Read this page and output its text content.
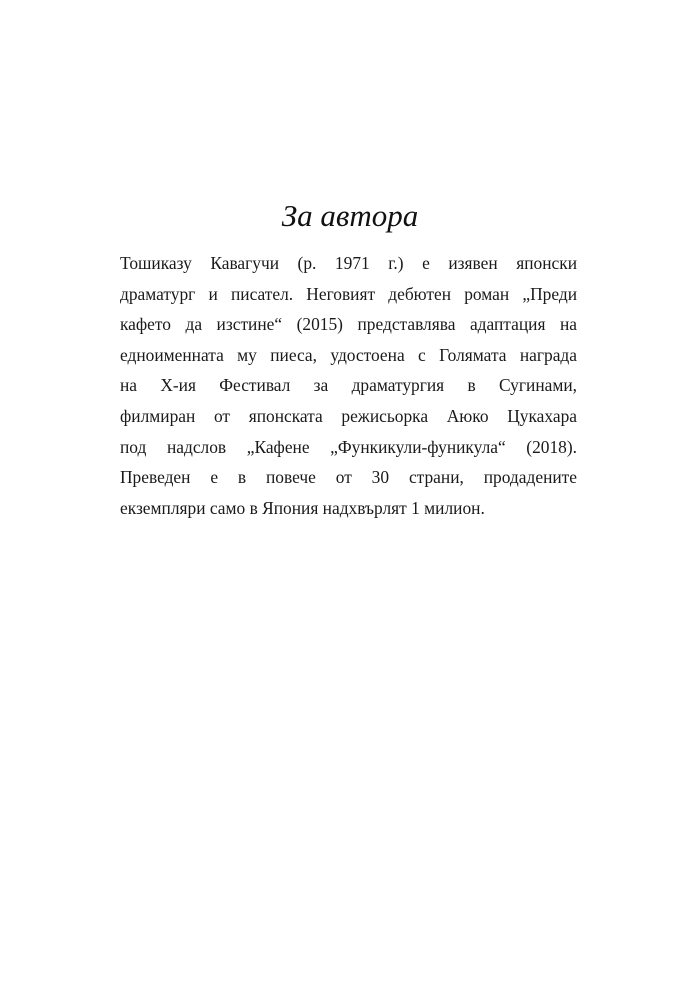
За автора
Тошиказу Кавагучи (р. 1971 г.) е изявен японски
драматург и писател. Неговият дебютен роман „Преди
кафето да изстине“ (2015) представлява адаптация на
едноименната му пиеса, удостоена с Голямата награда
на X-ия Фестивал за драматургия в Сугинами,
филмиран от японската режисьорка Аюко Цукахара
под надслов „Кафене „Функикули-фуникула“ (2018).
Преведен е в повече от 30 страни, продадените
екземпляри само в Япония надхвърлят 1 милион.
